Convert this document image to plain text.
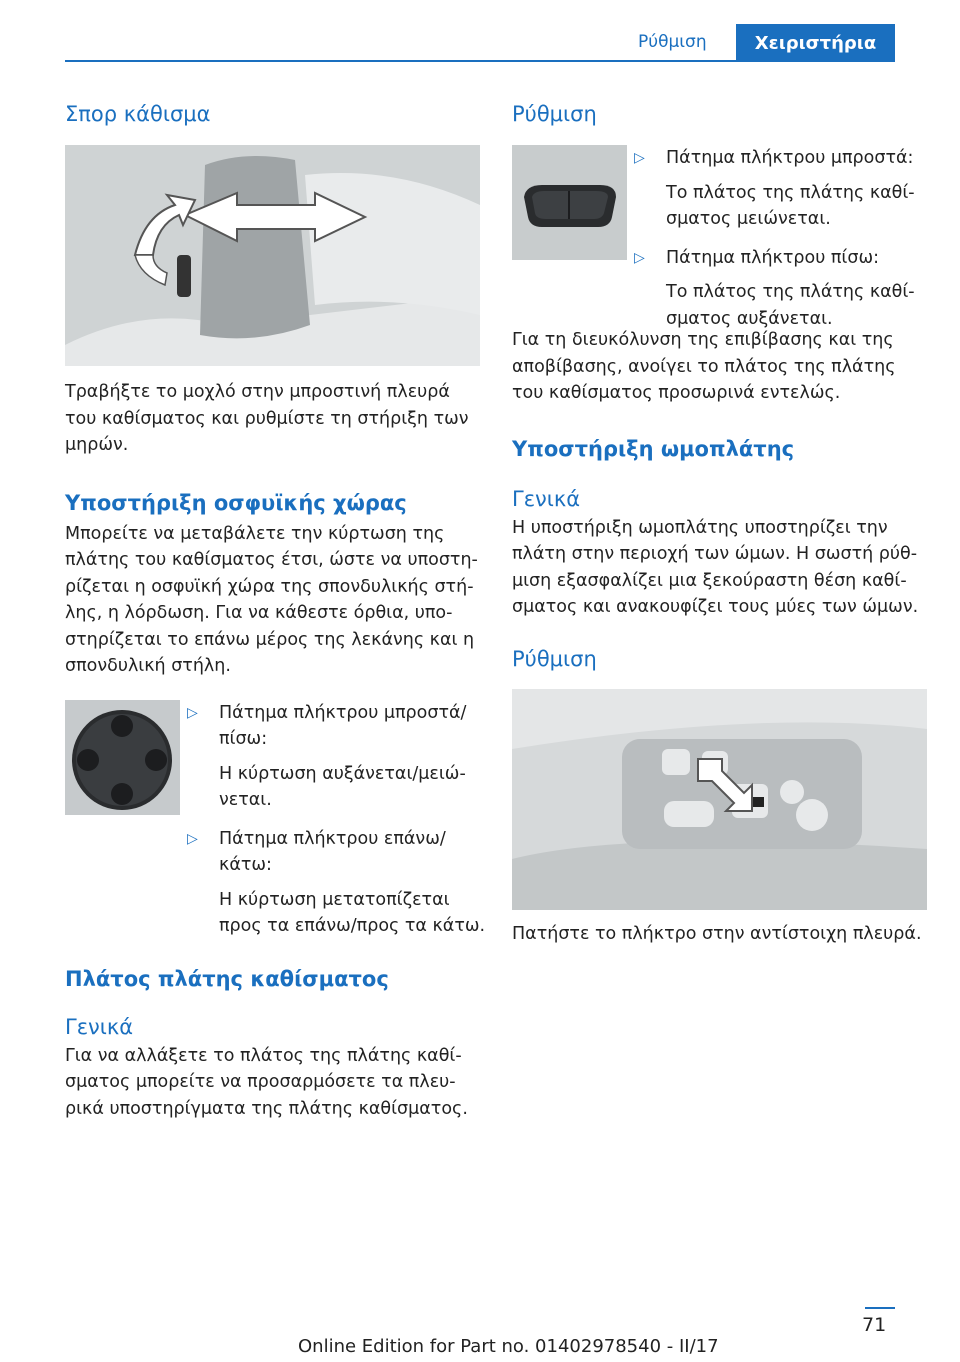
Ρύθμιση	Χειριστήρια
Σπορ κάθισμα

Τραβήξτε το μοχλό στην μπροστινή πλευρά του καθίσματος και ρυθμίστε τη στήριξη των μηρών.

Υποστήριξη οσφυϊκής χώρας

Μπορείτε να μεταβάλετε την κύρτωση της πλάτης του καθίσματος έτσι, ώστε να υποστηρίζεται η οσφυϊκή χώρα της σπονδυλικής στήλης, η λόρδωση. Για να κάθεστε όρθια, υποστηρίζεται το επάνω μέρος της λεκάνης και η σπονδυλική στήλη.

▷ Πάτημα πλήκτρου μπροστά/πίσω:
Η κύρτωση αυξάνεται/μειώνεται.
▷ Πάτημα πλήκτρου επάνω/κάτω:
Η κύρτωση μετατοπίζεται προς τα επάνω/προς τα κάτω.
Πλάτος πλάτης καθίσματος
Γενικά

Για να αλλάξετε το πλάτος της πλάτης καθίσματος μπορείτε να προσαρμόσετε τα πλευρικά υποστηρίγματα της πλάτης καθίσματος.

Ρύθμιση
▷ Πάτημα πλήκτρου μπροστά:
Το πλάτος της πλάτης καθίσματος μειώνεται.
▷ Πάτημα πλήκτρου πίσω:
Το πλάτος της πλάτης καθίσματος αυξάνεται.

Για τη διευκόλυνση της επιβίβασης και της αποβίβασης, ανοίγει το πλάτος της πλάτης του καθίσματος προσωρινά εντελώς.

Υποστήριξη ωμοπλάτης
Γενικά

Η υποστήριξη ωμοπλάτης υποστηρίζει την πλάτη στην περιοχή των ώμων. Η σωστή ρύθμιση εξασφαλίζει μια ξεκούραστη θέση καθίσματος και ανακουφίζει τους μύες των ώμων.

Ρύθμιση

Πατήστε το πλήκτρο στην αντίστοιχη πλευρά.

71
Online Edition for Part no. 01402978540 - II/17
